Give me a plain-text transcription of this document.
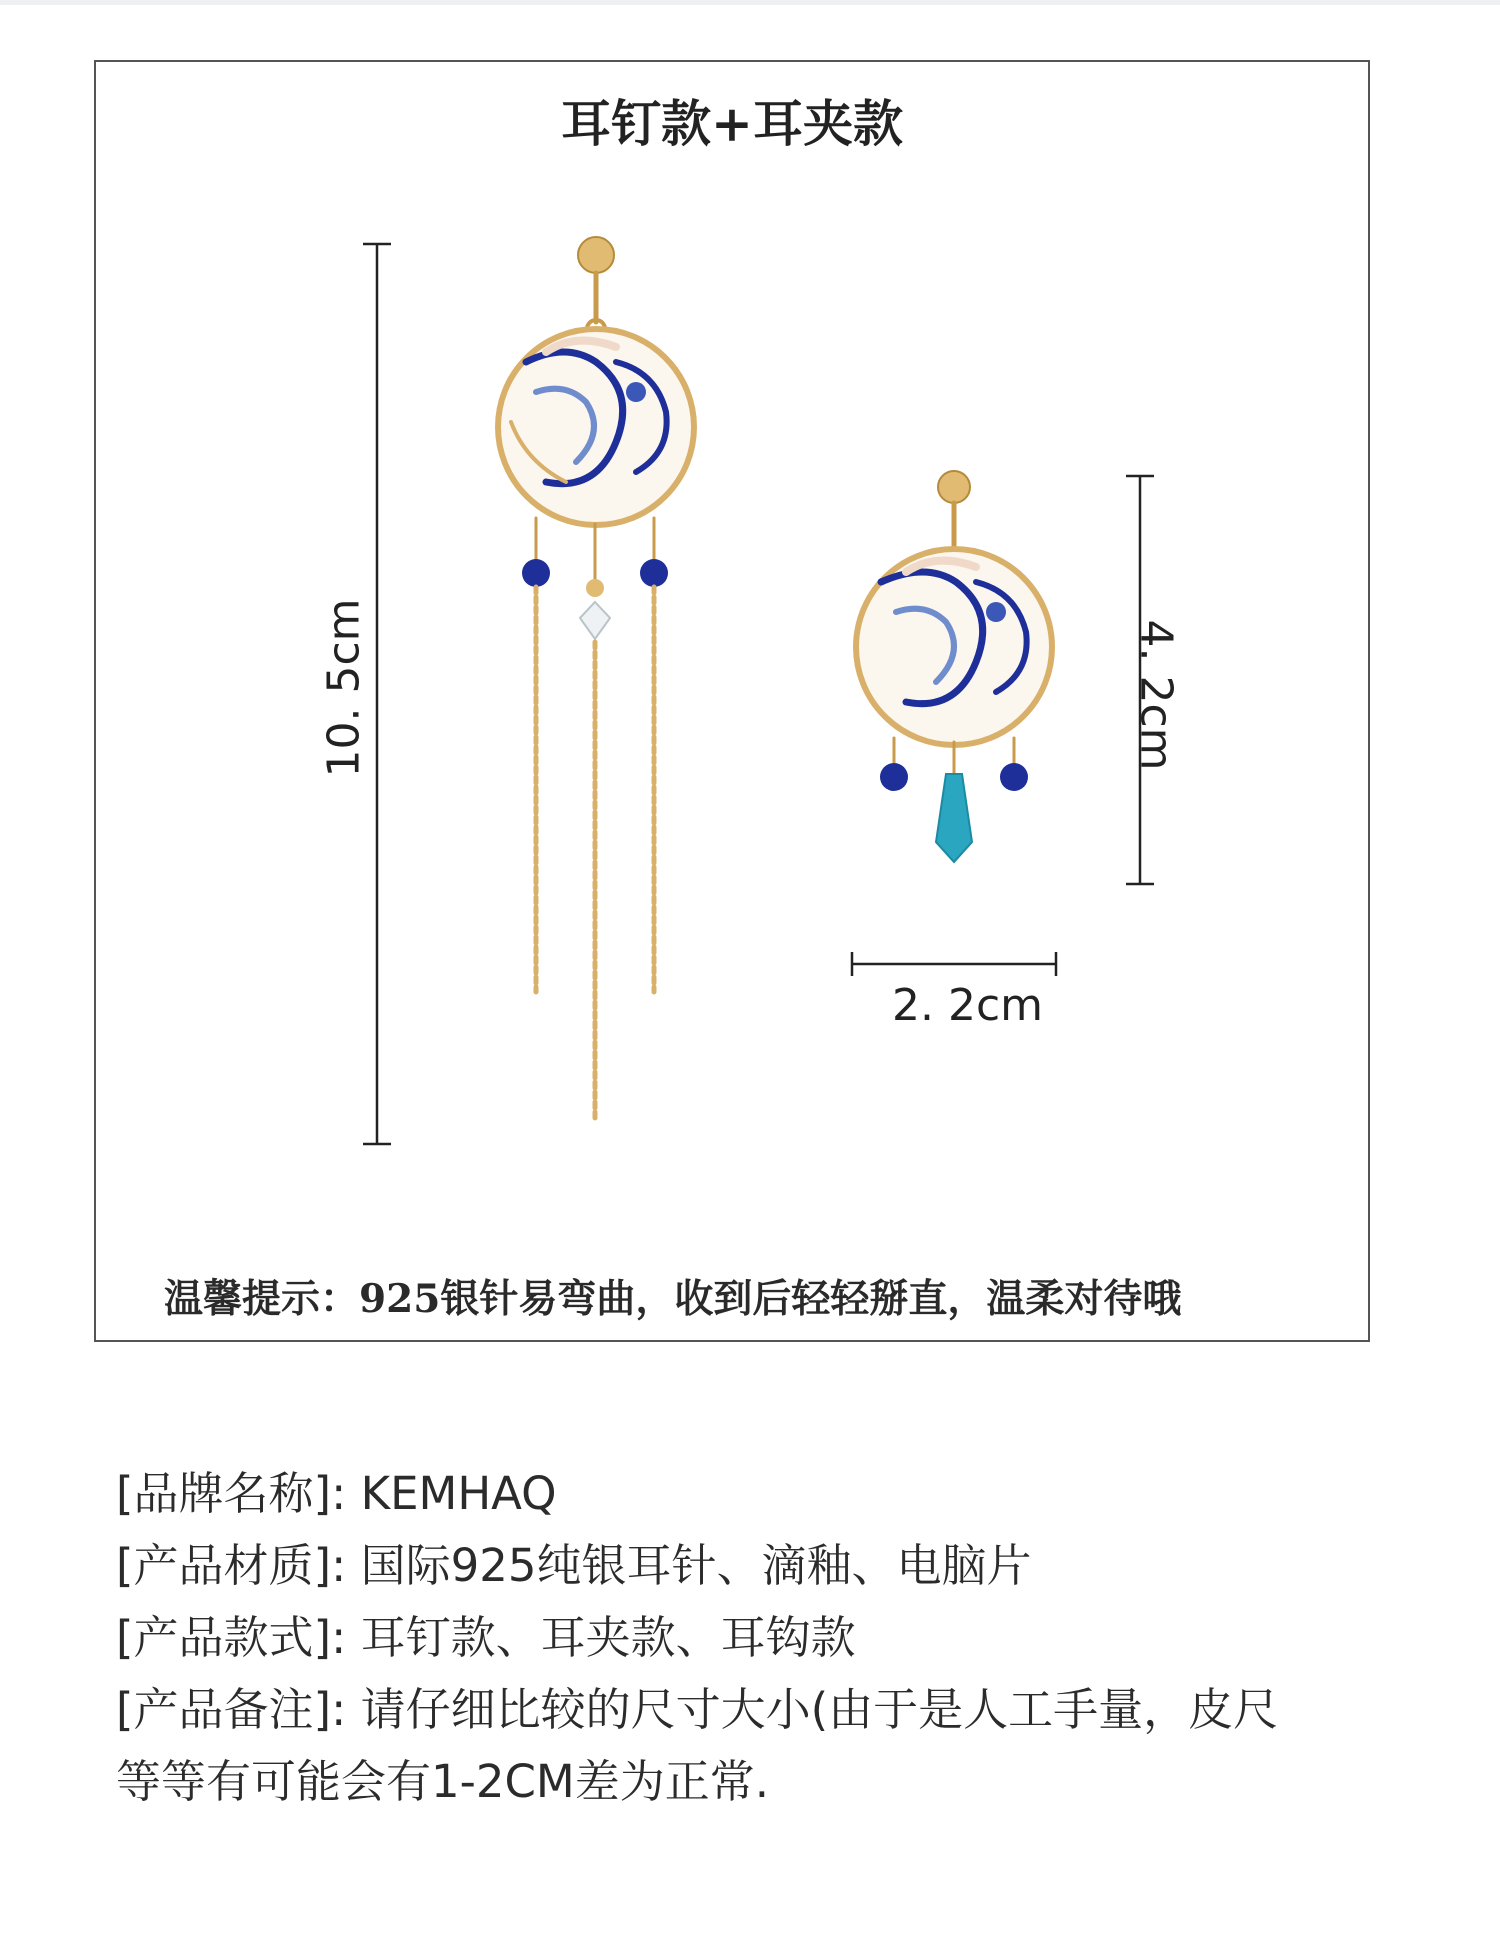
耳钉款+耳夹款
10. 5cm	4. 2cm
2. 2cm
温馨提示：925银针易弯曲，收到后轻轻掰直，温柔对待哦
[品牌名称]: KEMHAQ
[产品材质]: 国际925纯银耳针、滴釉、电脑片
[产品款式]: 耳钉款、耳夹款、耳钩款
[产品备注]: 请仔细比较的尺寸大小(由于是人工手量，皮尺
等等有可能会有1-2CM差为正常.
